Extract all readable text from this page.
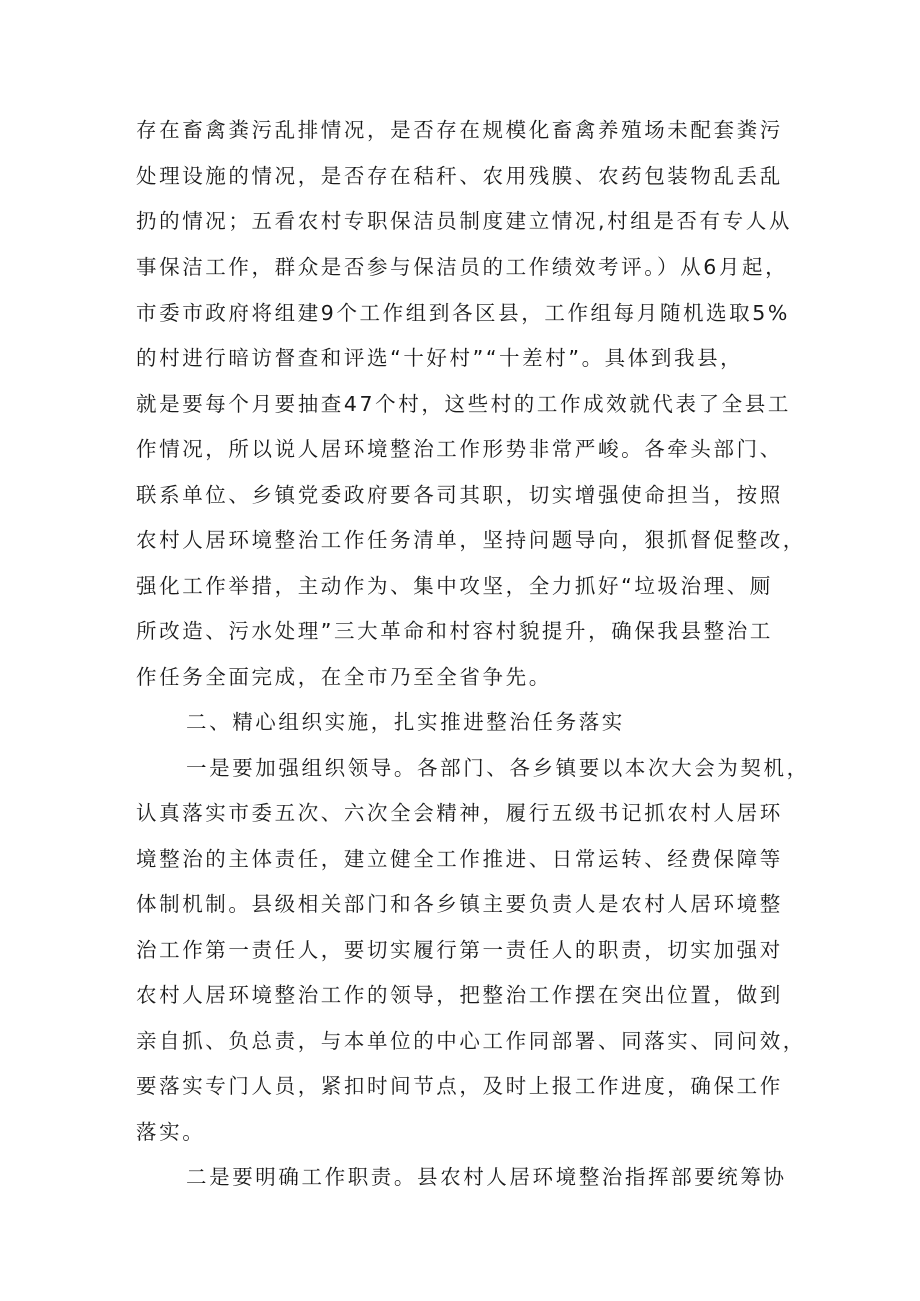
存在畜禽粪污乱排情况，是否存在规模化畜禽养殖场未配套粪污

处理设施的情况，是否存在秸秆、农用残膜、农药包装物乱丢乱

扔的情况；五看农村专职保洁员制度建立情况,村组是否有专人从

事保洁工作，群众是否参与保洁员的工作绩效考评。）从6月起，

市委市政府将组建9个工作组到各区县，工作组每月随机选取5%

的村进行暗访督查和评选“十好村”“十差村”。具体到我县，

就是要每个月要抽查47个村，这些村的工作成效就代表了全县工

作情况，所以说人居环境整治工作形势非常严峻。各牵头部门、

联系单位、乡镇党委政府要各司其职，切实增强使命担当，按照

农村人居环境整治工作任务清单，坚持问题导向，狠抓督促整改，

强化工作举措，主动作为、集中攻坚，全力抓好“垃圾治理、厕

所改造、污水处理”三大革命和村容村貌提升，确保我县整治工

作任务全面完成，在全市乃至全省争先。

二、精心组织实施，扎实推进整治任务落实

一是要加强组织领导。各部门、各乡镇要以本次大会为契机，

认真落实市委五次、六次全会精神，履行五级书记抓农村人居环

境整治的主体责任，建立健全工作推进、日常运转、经费保障等

体制机制。县级相关部门和各乡镇主要负责人是农村人居环境整

治工作第一责任人，要切实履行第一责任人的职责，切实加强对

农村人居环境整治工作的领导，把整治工作摆在突出位置，做到

亲自抓、负总责，与本单位的中心工作同部署、同落实、同问效，

要落实专门人员，紧扣时间节点，及时上报工作进度，确保工作

落实。

二是要明确工作职责。县农村人居环境整治指挥部要统筹协
